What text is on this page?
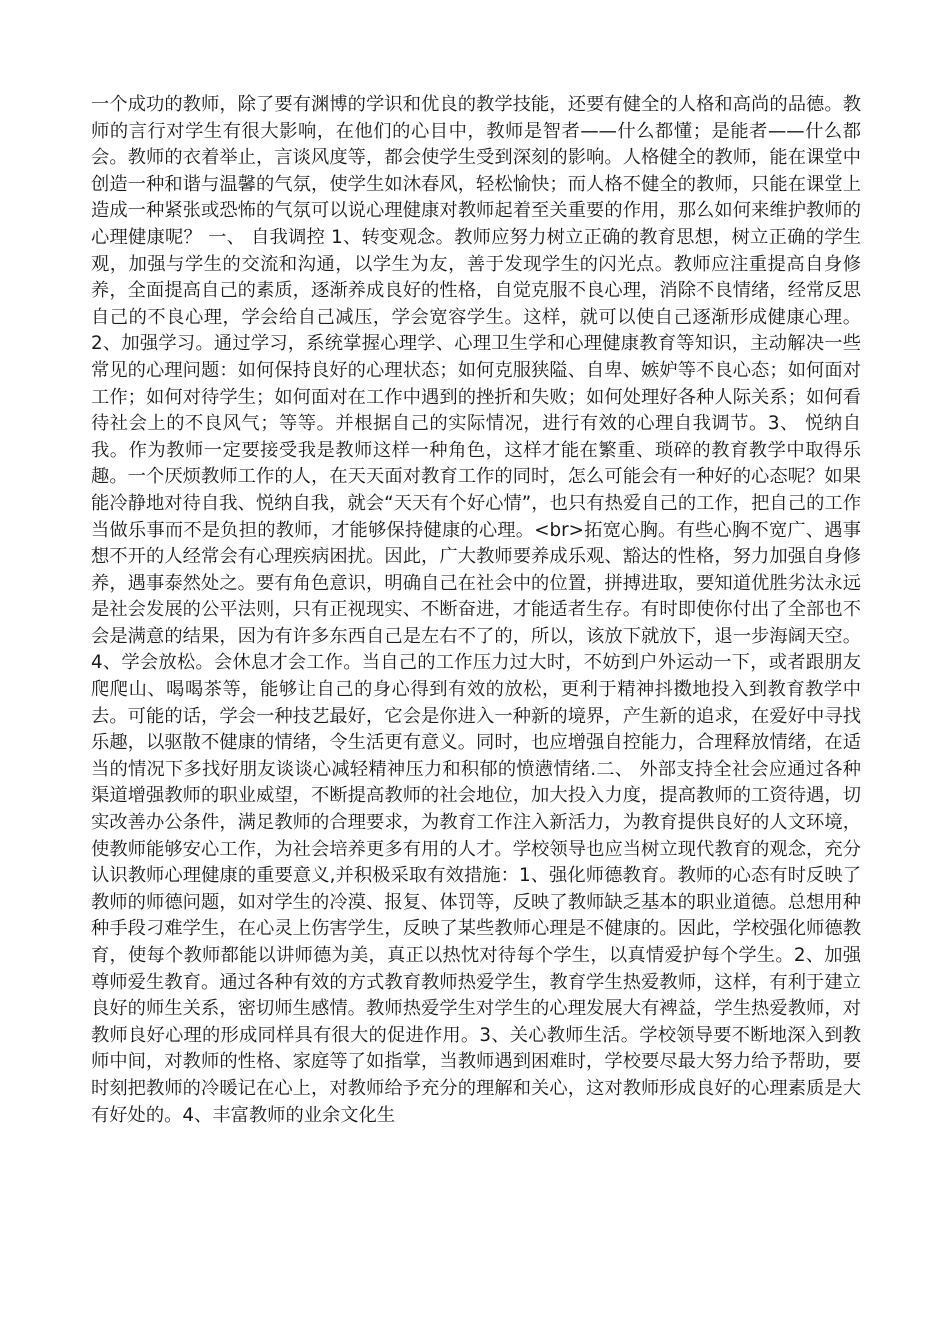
一个成功的教师，除了要有渊博的学识和优良的教学技能，还要有健全的人格和高尚的品德。教师的言行对学生有很大影响，在他们的心目中，教师是智者——什么都懂；是能者——什么都会。教师的衣着举止，言谈风度等，都会使学生受到深刻的影响。人格健全的教师，能在课堂中创造一种和谐与温馨的气氛，使学生如沐春风，轻松愉快；而人格不健全的教师，只能在课堂上造成一种紧张或恐怖的气氛可以说心理健康对教师起着至关重要的作用，那么如何来维护教师的心理健康呢？ 一、 自我调控 1、转变观念。教师应努力树立正确的教育思想，树立正确的学生观，加强与学生的交流和沟通，以学生为友，善于发现学生的闪光点。教师应注重提高自身修养，全面提高自己的素质，逐渐养成良好的性格，自觉克服不良心理，消除不良情绪，经常反思自己的不良心理，学会给自己减压，学会宽容学生。这样，就可以使自己逐渐形成健康心理。2、加强学习。通过学习，系统掌握心理学、心理卫生学和心理健康教育等知识，主动解决一些常见的心理问题：如何保持良好的心理状态；如何克服狭隘、自卑、嫉妒等不良心态；如何面对工作；如何对待学生；如何面对在工作中遇到的挫折和失败；如何处理好各种人际关系；如何看待社会上的不良风气；等等。并根据自己的实际情况，进行有效的心理自我调节。3、 悦纳自我。作为教师一定要接受我是教师这样一种角色，这样才能在繁重、琐碎的教育教学中取得乐趣。一个厌烦教师工作的人，在天天面对教育工作的同时，怎么可能会有一种好的心态呢？如果能冷静地对待自我、悦纳自我，就会“天天有个好心情”，也只有热爱自己的工作，把自己的工作当做乐事而不是负担的教师，才能够保持健康的心理。<br>拓宽心胸。有些心胸不宽广、遇事想不开的人经常会有心理疾病困扰。因此，广大教师要养成乐观、豁达的性格，努力加强自身修养，遇事泰然处之。要有角色意识，明确自己在社会中的位置，拼搏进取，要知道优胜劣汰永远是社会发展的公平法则，只有正视现实、不断奋进，才能适者生存。有时即使你付出了全部也不会是满意的结果，因为有许多东西自己是左右不了的，所以，该放下就放下，退一步海阔天空。4、学会放松。会休息才会工作。当自己的工作压力过大时，不妨到户外运动一下，或者跟朋友爬爬山、喝喝茶等，能够让自己的身心得到有效的放松，更利于精神抖擞地投入到教育教学中去。可能的话，学会一种技艺最好，它会是你进入一种新的境界，产生新的追求，在爱好中寻找乐趣，以驱散不健康的情绪，令生活更有意义。同时，也应增强自控能力，合理释放情绪，在适当的情况下多找好朋友谈谈心减轻精神压力和积郁的愤懑情绪.二、 外部支持全社会应通过各种渠道增强教师的职业威望，不断提高教师的社会地位，加大投入力度，提高教师的工资待遇，切实改善办公条件，满足教师的合理要求，为教育工作注入新活力，为教育提供良好的人文环境，使教师能够安心工作，为社会培养更多有用的人才。学校领导也应当树立现代教育的观念，充分认识教师心理健康的重要意义,并积极采取有效措施：1、强化师德教育。教师的心态有时反映了教师的师德问题，如对学生的冷漠、报复、体罚等，反映了教师缺乏基本的职业道德。总想用种种手段刁难学生，在心灵上伤害学生，反映了某些教师心理是不健康的。因此，学校强化师德教育，使每个教师都能以讲师德为美，真正以热忱对待每个学生，以真情爱护每个学生。2、加强尊师爱生教育。通过各种有效的方式教育教师热爱学生，教育学生热爱教师，这样，有利于建立良好的师生关系，密切师生感情。教师热爱学生对学生的心理发展大有裨益，学生热爱教师，对教师良好心理的形成同样具有很大的促进作用。3、关心教师生活。学校领导要不断地深入到教师中间，对教师的性格、家庭等了如指掌，当教师遇到困难时，学校要尽最大努力给予帮助，要时刻把教师的冷暖记在心上，对教师给予充分的理解和关心，这对教师形成良好的心理素质是大有好处的。4、丰富教师的业余文化生
